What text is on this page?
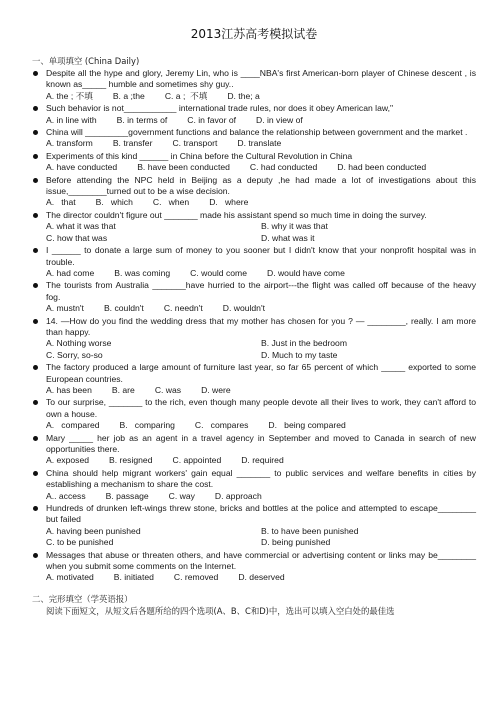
2013江苏高考模拟试卷
一、单项填空 (China Daily)
Despite all the hype and glory, Jeremy Lin, who is ____NBA's first American-born player of Chinese descent , is known as_____ humble and sometimes shy guy..
A. the ; 不填 B. a ;the C. a ;  不填 D. the; a
Such behavior is not___________ international trade rules, nor does it obey American law,"
A. in line with B. in terms of C. in favor of D. in view of
China will _________government functions and balance the relationship between government and the market .
A. transform B. transfer C. transport D. translate
Experiments of this kind ______ in China before the Cultural Revolution in China
A. have conducted B. have been conducted C. had conducted D. had been conducted
Before attending the NPC held in Beijing as a deputy ,he had made a lot of investigations about this issue,________turned out to be a wise decision.
A.   that B.   which C.   when D.   where
The director couldn't figure out _______ made his assistant spend so much time in doing the survey.
A. what it was that	B. why it was that
C. how that was	D. what was it
I ______ to donate a large sum of money to you sooner but I didn't know that your nonprofit hospital was in trouble.
A. had come B. was coming C. would come D. would have come
The tourists from Australia _______have hurried to the airport---the flight was called off because of the heavy fog.
A. mustn't B. couldn't C. needn't D. wouldn't
14. —How do you find the wedding dress that my mother has chosen for you ? — ________, really. I am more than happy.
A. Nothing worse	B. Just in the bedroom
C. Sorry, so-so	D. Much to my taste
The factory produced a large amount of furniture last year, so far 65 percent of which _____ exported to some European countries.
A. has been B. are C. was D. were
To our surprise, _______ to the rich, even though many people devote all their lives to work, they can't afford to own a house.
A.   compared B.   comparing C.   compares D.   being compared
Mary _____ her job as an agent in a travel agency in September and moved to Canada in search of new opportunities there.
A. exposed B. resigned C. appointed D. required
China should help migrant workers' gain equal _______ to public services and welfare benefits in cities by establishing a mechanism to share the cost.
A.. access B. passage C. way D. approach
Hundreds of drunken left-wings threw stone, bricks and bottles at the police and attempted to escape________ but failed
A. having been punished	B. to have been punished
C. to be punished	D. being punished
Messages that abuse or threaten others, and have commercial or advertising content or links may be________ when you submit some comments on the Internet.
A. motivated B. initiated C. removed D. deserved
二、完形填空（学英语报）
阅读下面短文，从短文后各题所给的四个选项(A、B、C和D)中，选出可以填入空白处的最佳选
